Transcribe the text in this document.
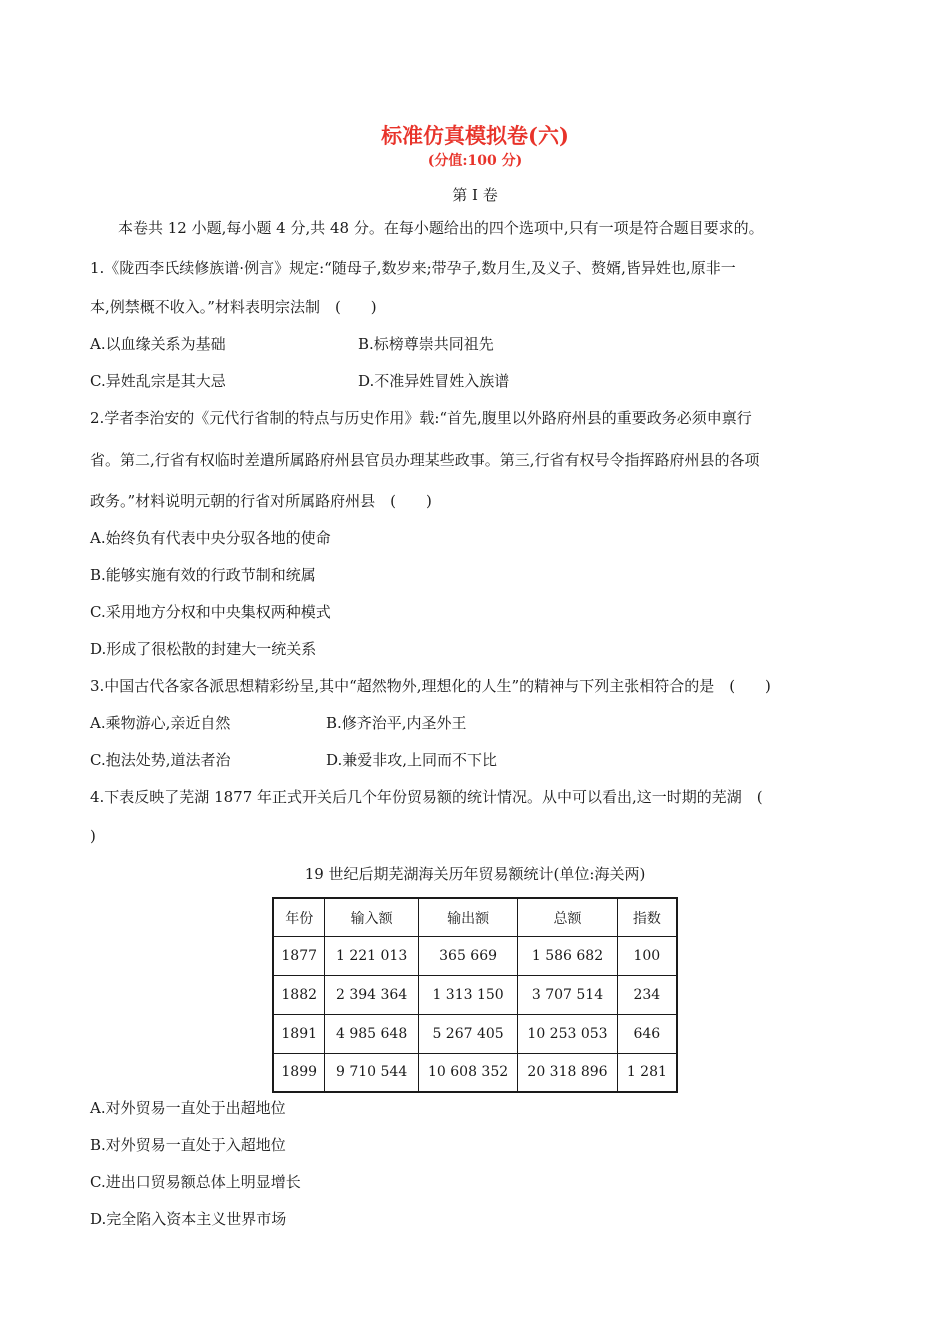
标准仿真模拟卷(六)
(分值:100 分)
第 I 卷
本卷共 12 小题,每小题 4 分,共 48 分。在每小题给出的四个选项中,只有一项是符合题目要求的。
1.《陇西李氏续修族谱·例言》规定:“随母子,数岁来;带孕子,数月生,及义子、赘婿,皆异姓也,原非一
本,例禁概不收入。”材料表明宗法制　(　　)
A.以血缘关系为基础	B.标榜尊崇共同祖先
C.异姓乱宗是其大忌	D.不准异姓冒姓入族谱
2.学者李治安的《元代行省制的特点与历史作用》载:“首先,腹里以外路府州县的重要政务必须申禀行
省。第二,行省有权临时差遣所属路府州县官员办理某些政事。第三,行省有权号令指挥路府州县的各项
政务。”材料说明元朝的行省对所属路府州县　(　　)
A.始终负有代表中央分驭各地的使命
B.能够实施有效的行政节制和统属
C.采用地方分权和中央集权两种模式
D.形成了很松散的封建大一统关系
3.中国古代各家各派思想精彩纷呈,其中“超然物外,理想化的人生”的精神与下列主张相符合的是　(　　)
A.乘物游心,亲近自然	B.修齐治平,内圣外王
C.抱法处势,道法者治	D.兼爱非攻,上同而不下比
4.下表反映了芜湖 1877 年正式开关后几个年份贸易额的统计情况。从中可以看出,这一时期的芜湖　(
)
19 世纪后期芜湖海关历年贸易额统计(单位:海关两)
年份	输入额	输出额	总额	指数
1877	1 221 013	365 669	1 586 682	100
1882	2 394 364	1 313 150	3 707 514	234
1891	4 985 648	5 267 405	10 253 053	646
1899	9 710 544	10 608 352	20 318 896	1 281
A.对外贸易一直处于出超地位
B.对外贸易一直处于入超地位
C.进出口贸易额总体上明显增长
D.完全陷入资本主义世界市场
